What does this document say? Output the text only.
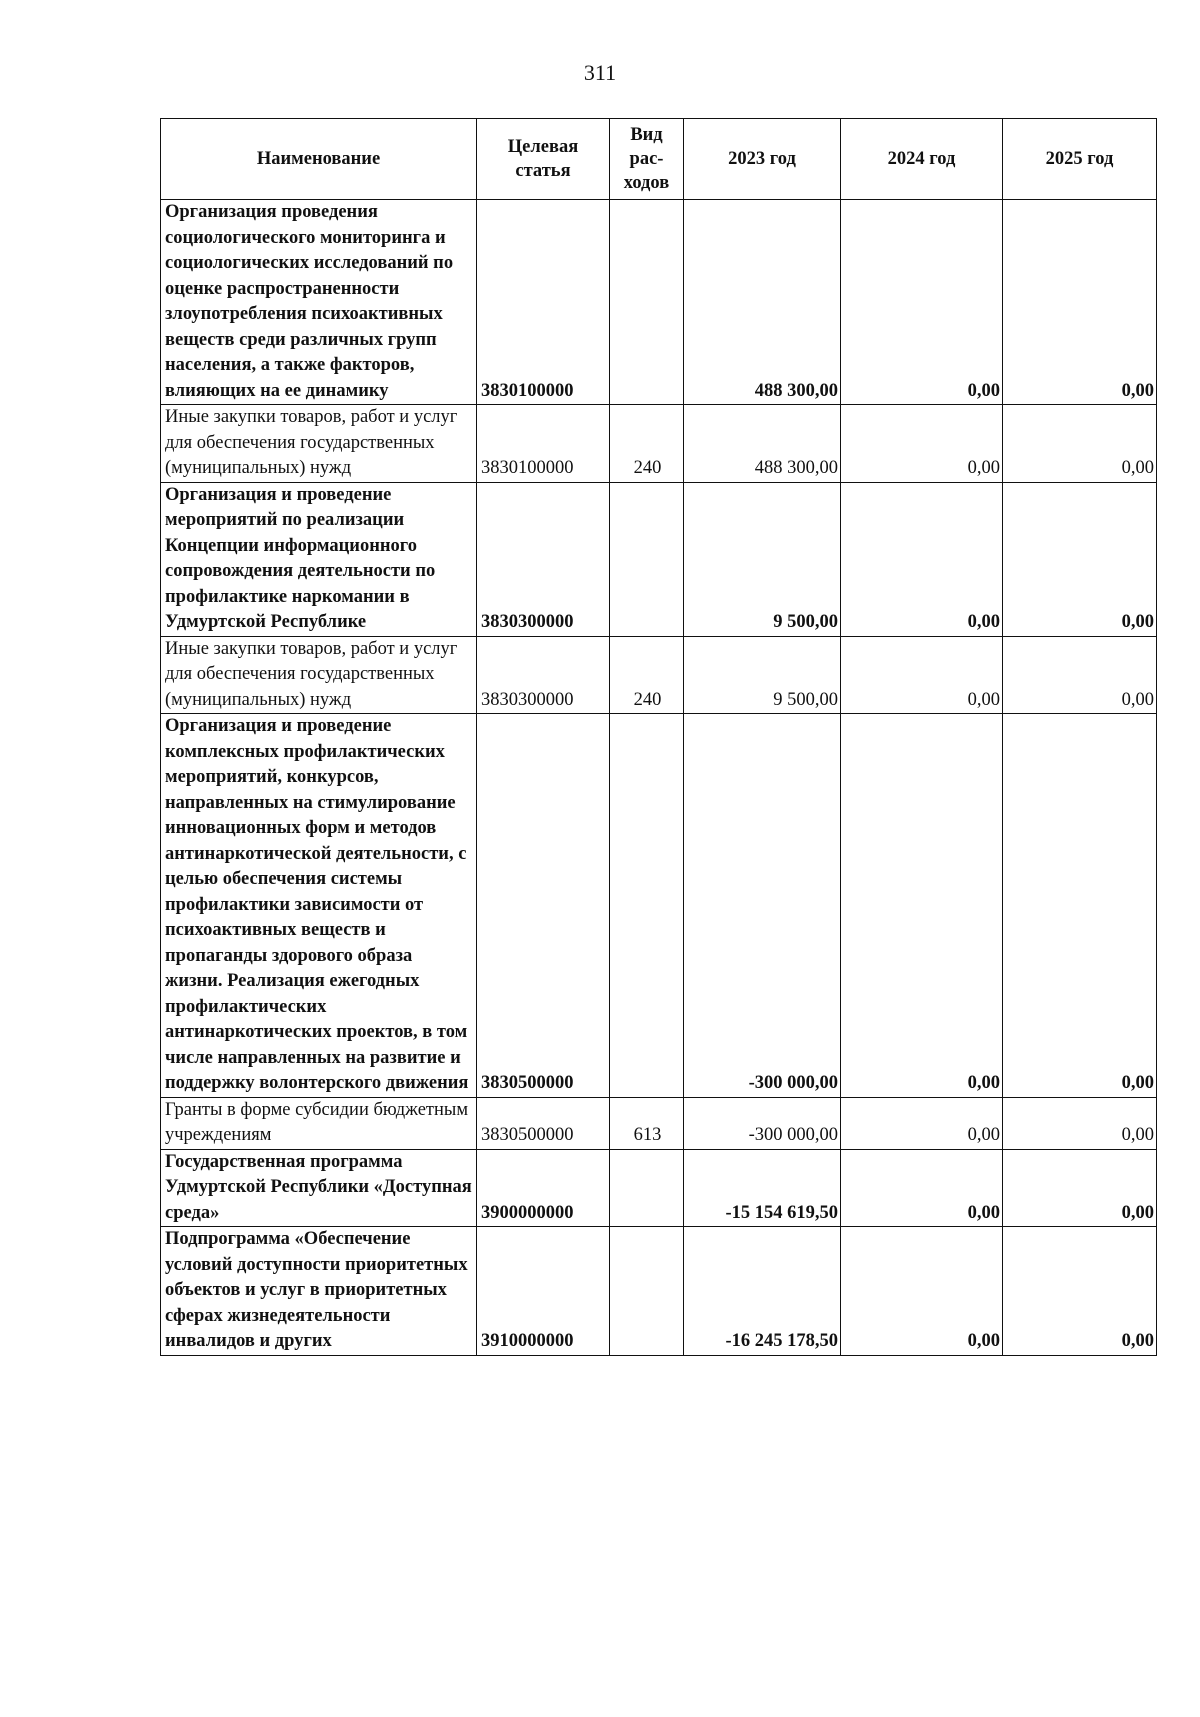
311
Наименование	Целевая статья	Вид рас-ходов	2023 год	2024 год	2025 год
Организация проведения социологического мониторинга и социологических исследований по оценке распространенности злоупотребления психоактивных веществ среди различных групп населения, а также факторов, влияющих на ее динамику	3830100000		488 300,00	0,00	0,00
Иные закупки товаров, работ и услуг для обеспечения государственных (муниципальных) нужд	3830100000	240	488 300,00	0,00	0,00
Организация и проведение мероприятий по реализации Концепции информационного сопровождения деятельности по профилактике наркомании в Удмуртской Республике	3830300000		9 500,00	0,00	0,00
Иные закупки товаров, работ и услуг для обеспечения государственных (муниципальных) нужд	3830300000	240	9 500,00	0,00	0,00
Организация и проведение комплексных профилактических мероприятий, конкурсов, направленных на стимулирование инновационных форм и методов антинаркотической деятельности, с целью обеспечения системы профилактики зависимости от психоактивных веществ и пропаганды здорового образа жизни. Реализация ежегодных профилактических антинаркотических проектов, в том числе направленных на развитие и поддержку волонтерского движения	3830500000		-300 000,00	0,00	0,00
Гранты в форме субсидии бюджетным учреждениям	3830500000	613	-300 000,00	0,00	0,00
Государственная программа Удмуртской Республики «Доступная среда»	3900000000		-15 154 619,50	0,00	0,00
Подпрограмма «Обеспечение условий доступности приоритетных объектов и услуг в приоритетных сферах жизнедеятельности инвалидов и других	3910000000		-16 245 178,50	0,00	0,00
